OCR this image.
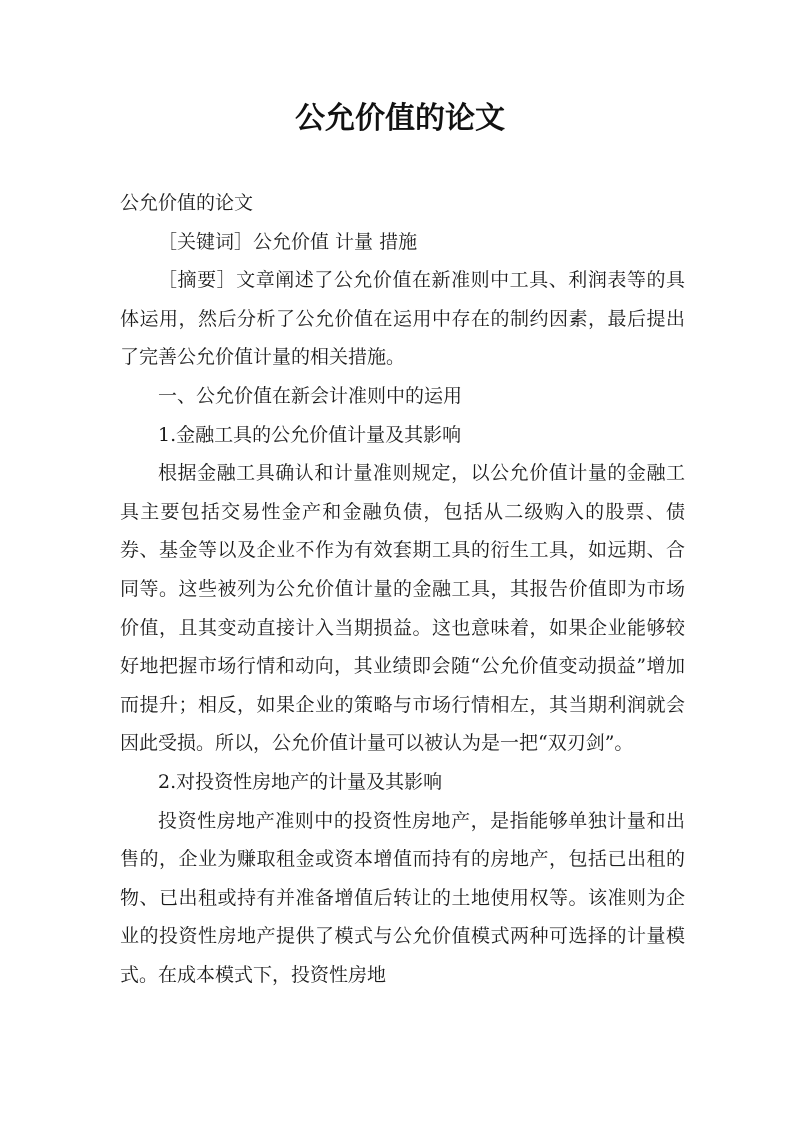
公允价值的论文

公允价值的论文

［关键词］公允价值 计量 措施

［摘要］文章阐述了公允价值在新准则中工具、利润表等的具体运用，然后分析了公允价值在运用中存在的制约因素，最后提出了完善公允价值计量的相关措施。

一、公允价值在新会计准则中的运用

1.金融工具的公允价值计量及其影响

根据金融工具确认和计量准则规定，以公允价值计量的金融工具主要包括交易性金产和金融负债，包括从二级购入的股票、债券、基金等以及企业不作为有效套期工具的衍生工具，如远期、合同等。这些被列为公允价值计量的金融工具，其报告价值即为市场价值，且其变动直接计入当期损益。这也意味着，如果企业能够较好地把握市场行情和动向，其业绩即会随“公允价值变动损益”增加而提升；相反，如果企业的策略与市场行情相左，其当期利润就会因此受损。所以，公允价值计量可以被认为是一把“双刃剑”。

2.对投资性房地产的计量及其影响

投资性房地产准则中的投资性房地产，是指能够单独计量和出售的，企业为赚取租金或资本增值而持有的房地产，包括已出租的物、已出租或持有并准备增值后转让的土地使用权等。该准则为企业的投资性房地产提供了模式与公允价值模式两种可选择的计量模式。在成本模式下，投资性房地
